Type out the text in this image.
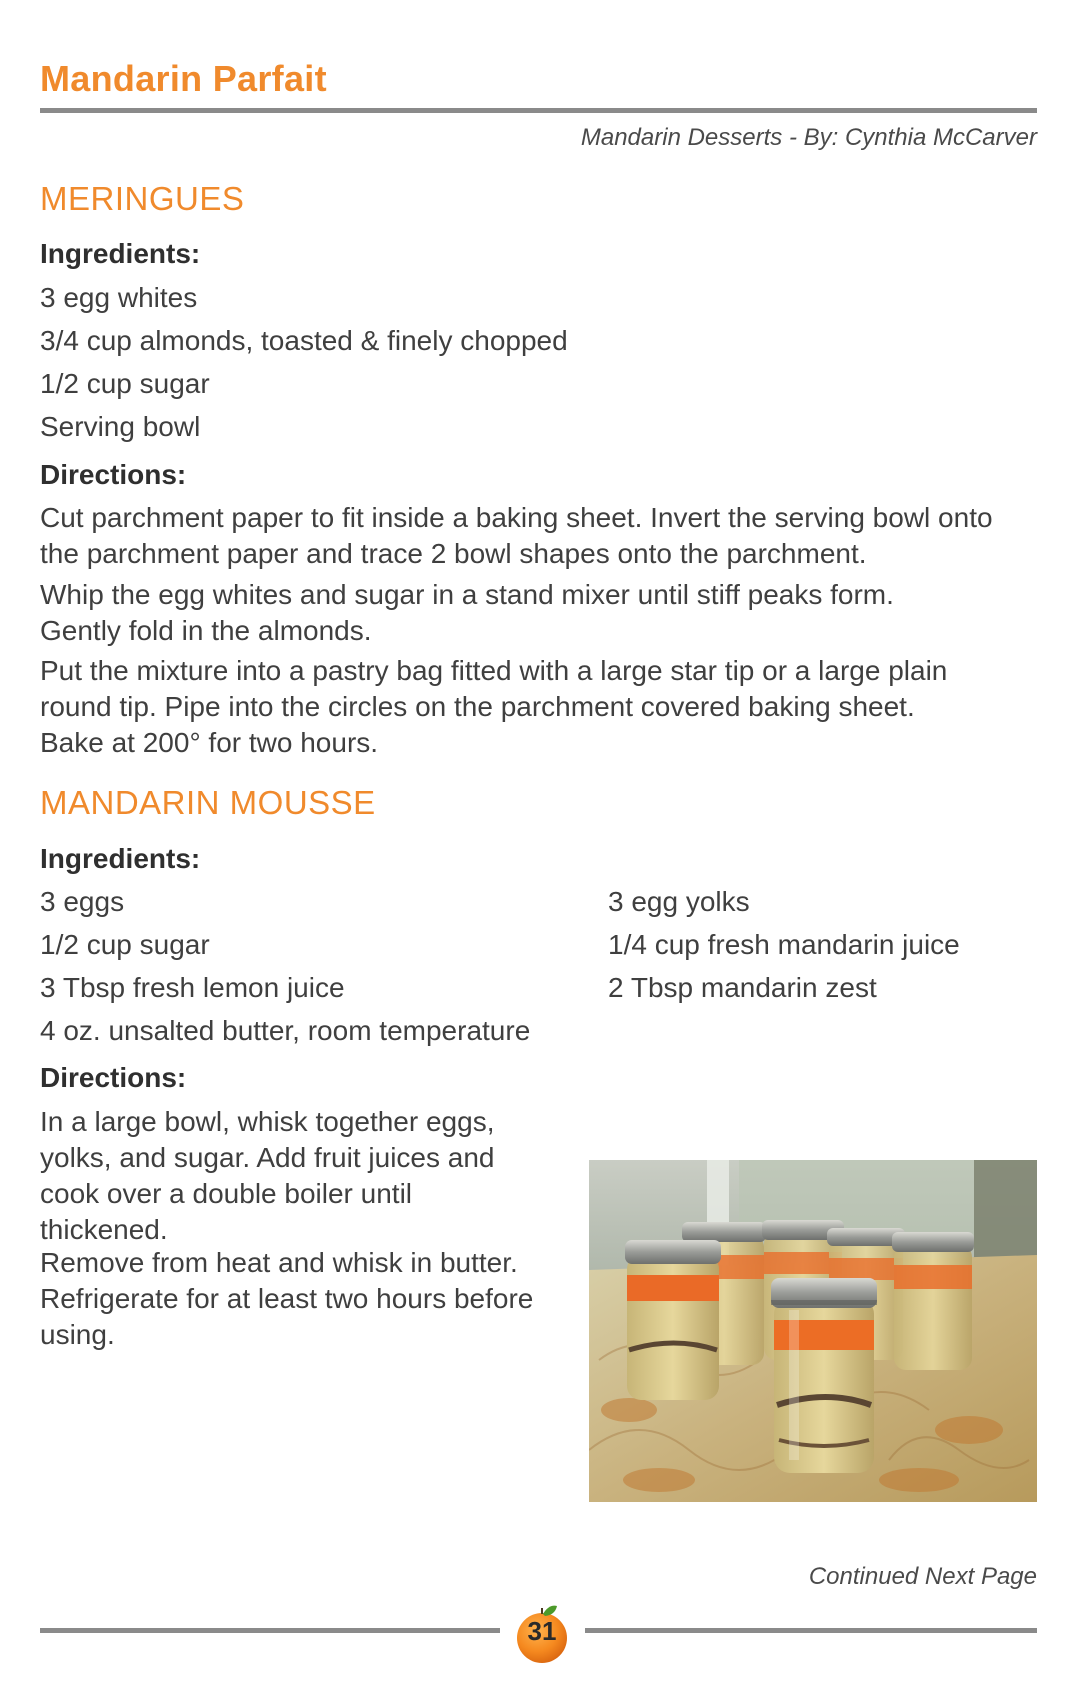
Mandarin Parfait
Mandarin Desserts - By: Cynthia McCarver
MERINGUES
Ingredients:
3 egg whites
3/4 cup almonds, toasted & finely chopped
1/2 cup sugar
Serving bowl
Directions:
Cut parchment paper to fit inside a baking sheet. Invert the serving bowl onto the parchment paper and trace 2 bowl shapes onto the parchment.
Whip the egg whites and sugar in a stand mixer until stiff peaks form. Gently fold in the almonds.
Put the mixture into a pastry bag fitted with a large star tip or a large plain round tip. Pipe into the circles on the parchment covered baking sheet. Bake at 200° for two hours.
MANDARIN MOUSSE
Ingredients:
3 eggs
1/2 cup sugar
3 Tbsp fresh lemon juice
4 oz. unsalted butter, room temperature
3 egg yolks
1/4 cup fresh mandarin juice
2 Tbsp mandarin zest
Directions:
In a large bowl, whisk together eggs, yolks, and sugar. Add fruit juices and cook over a double boiler until thickened.
Remove from heat and whisk in butter. Refrigerate for at least two hours before using.
Continued Next Page
31
